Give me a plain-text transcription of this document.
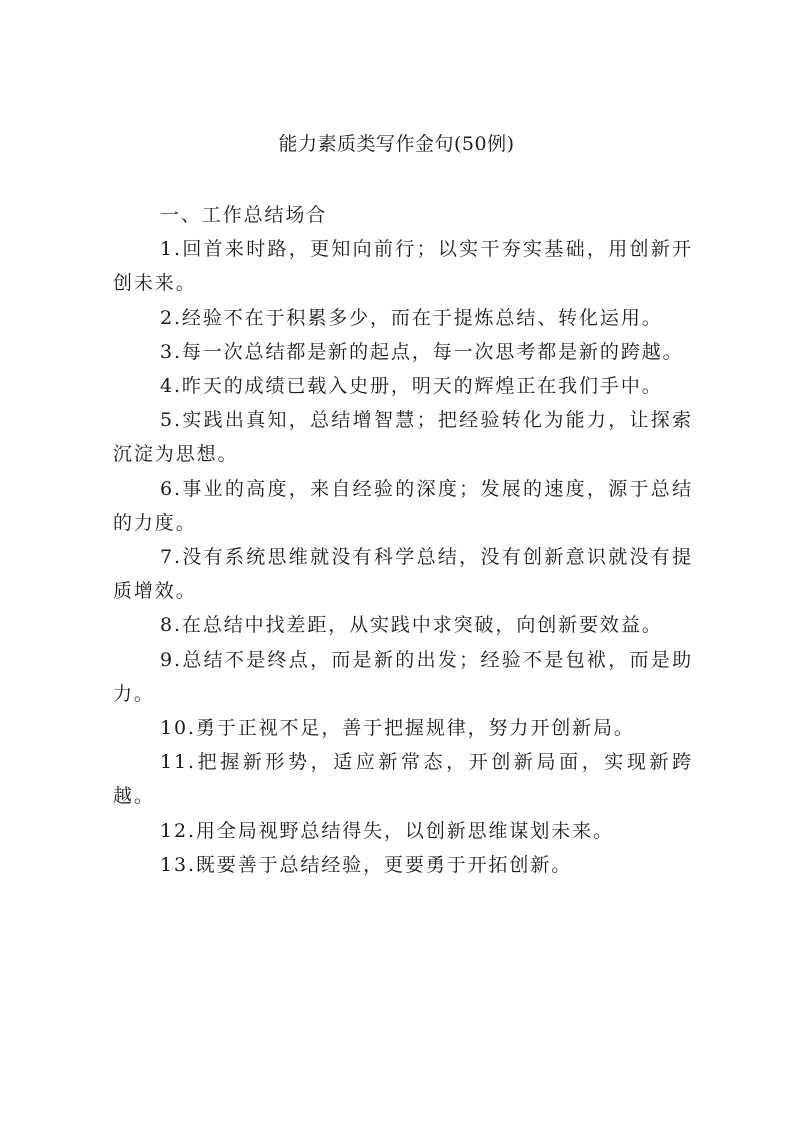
能力素质类写作金句(50例)

一、工作总结场合

1.回首来时路，更知向前行；以实干夯实基础，用创新开创未来。

2.经验不在于积累多少，而在于提炼总结、转化运用。

3.每一次总结都是新的起点，每一次思考都是新的跨越。

4.昨天的成绩已载入史册，明天的辉煌正在我们手中。

5.实践出真知，总结增智慧；把经验转化为能力，让探索沉淀为思想。

6.事业的高度，来自经验的深度；发展的速度，源于总结的力度。

7.没有系统思维就没有科学总结，没有创新意识就没有提质增效。

8.在总结中找差距，从实践中求突破，向创新要效益。

9.总结不是终点，而是新的出发；经验不是包袱，而是助力。

10.勇于正视不足，善于把握规律，努力开创新局。

11.把握新形势，适应新常态，开创新局面，实现新跨越。

12.用全局视野总结得失，以创新思维谋划未来。

13.既要善于总结经验，更要勇于开拓创新。
